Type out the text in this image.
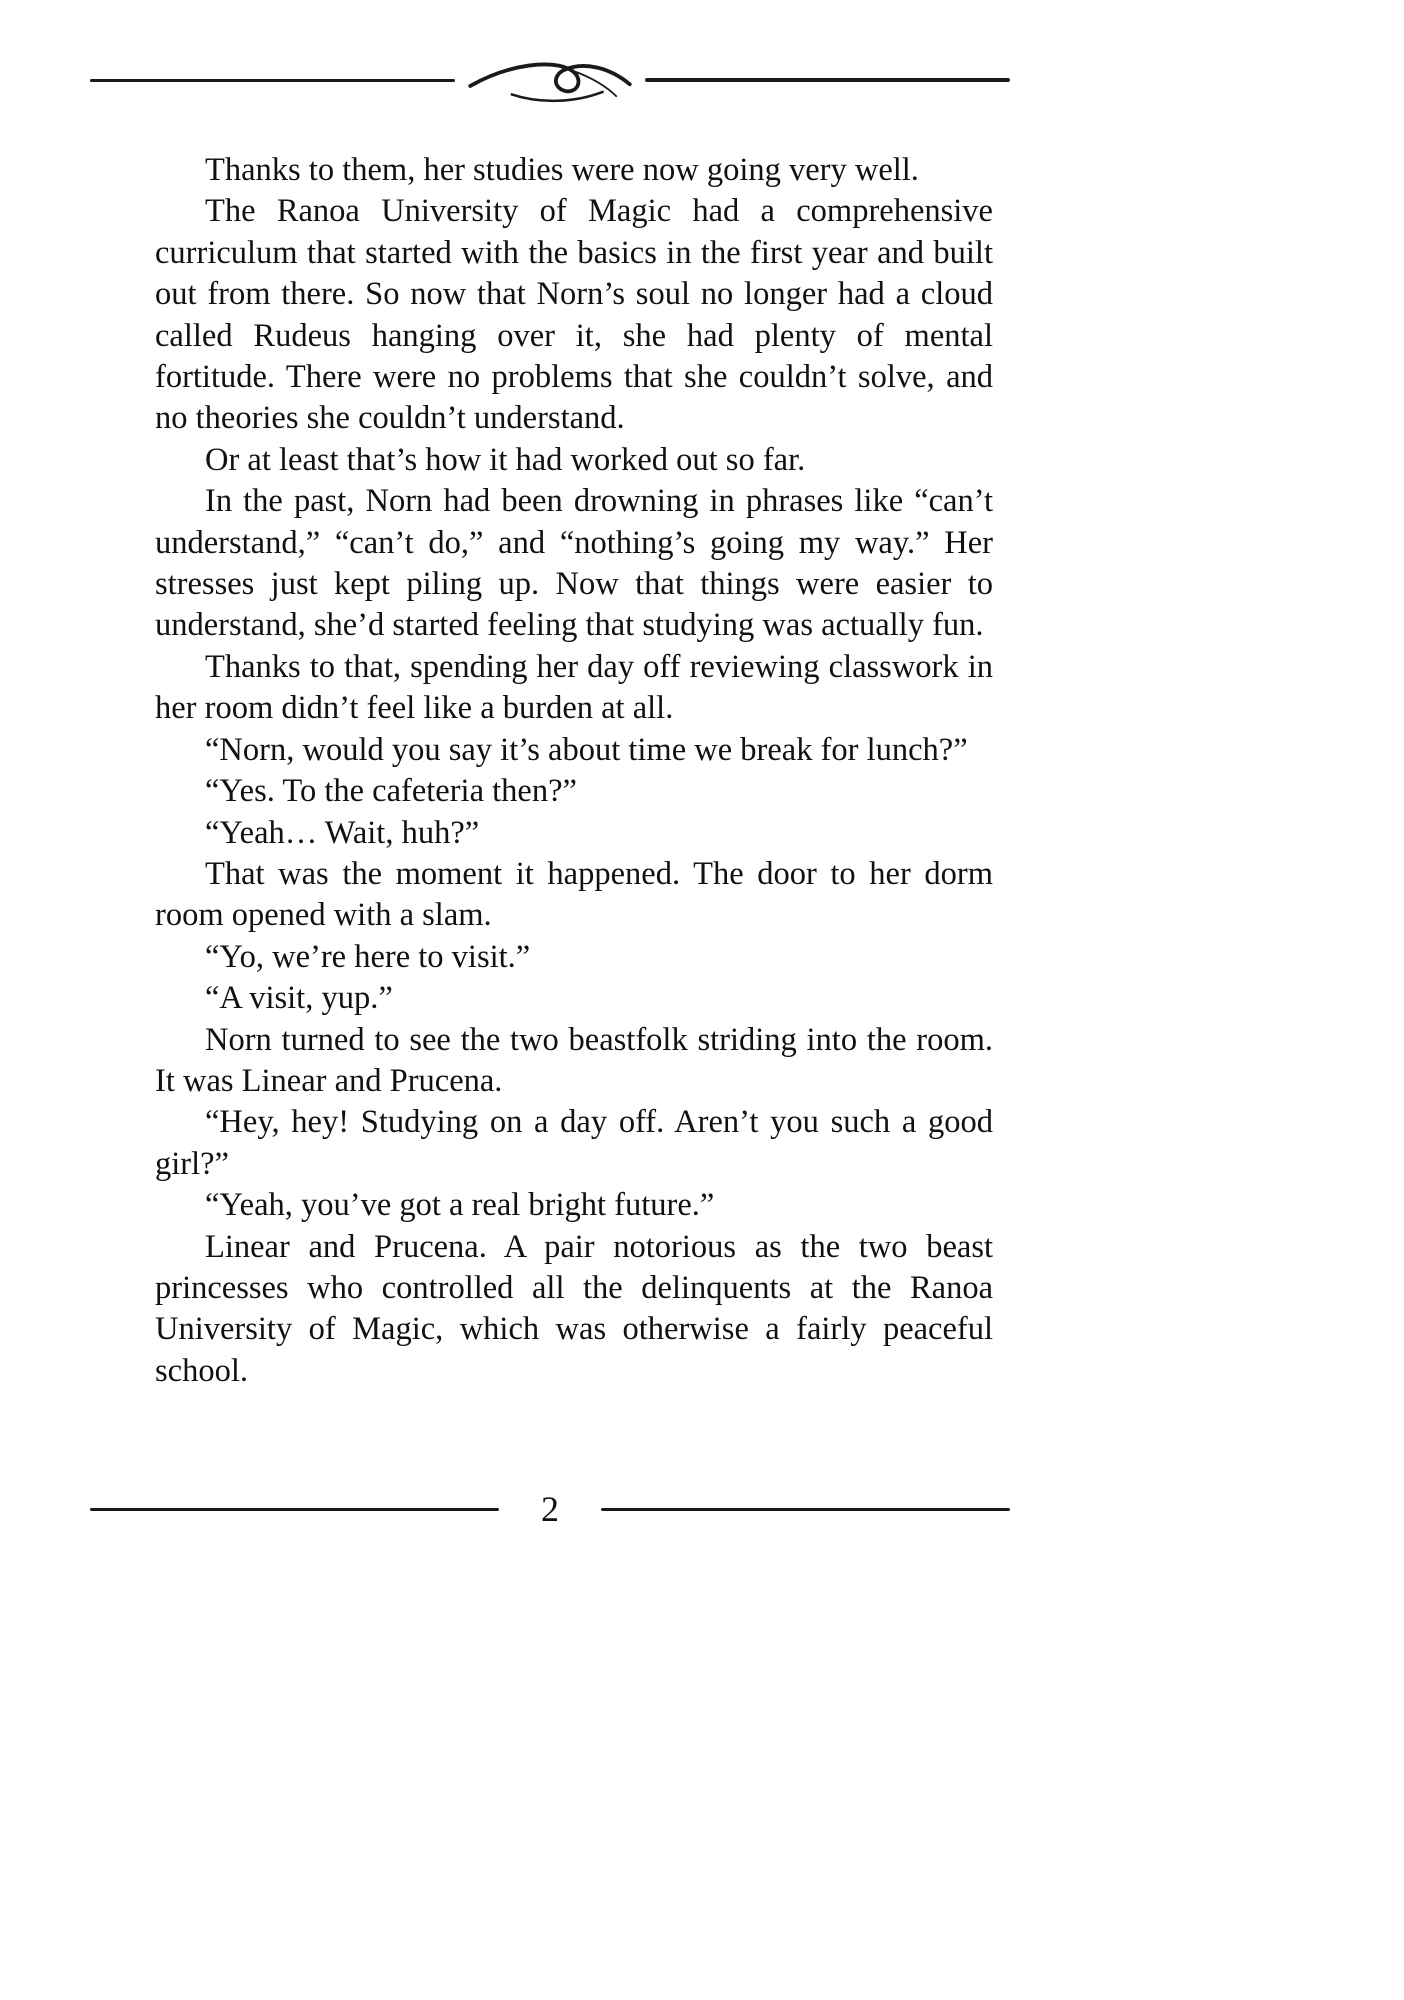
Thanks to them, her studies were now going very well.

The Ranoa University of Magic had a comprehensive curriculum that started with the basics in the first year and built out from there. So now that Norn’s soul no longer had a cloud called Rudeus hanging over it, she had plenty of mental fortitude. There were no problems that she couldn’t solve, and no theories she couldn’t understand.

Or at least that’s how it had worked out so far.

In the past, Norn had been drowning in phrases like “can’t understand,” “can’t do,” and “nothing’s going my way.” Her stresses just kept piling up. Now that things were easier to understand, she’d started feeling that studying was actually fun.

Thanks to that, spending her day off reviewing classwork in her room didn’t feel like a burden at all.

“Norn, would you say it’s about time we break for lunch?”

“Yes. To the cafeteria then?”

“Yeah… Wait, huh?”

That was the moment it happened. The door to her dorm room opened with a slam.

“Yo, we’re here to visit.”

“A visit, yup.”

Norn turned to see the two beastfolk striding into the room. It was Linear and Prucena.

“Hey, hey! Studying on a day off. Aren’t you such a good girl?”

“Yeah, you’ve got a real bright future.”

Linear and Prucena. A pair notorious as the two beast princesses who controlled all the delinquents at the Ranoa University of Magic, which was otherwise a fairly peaceful school.

2
